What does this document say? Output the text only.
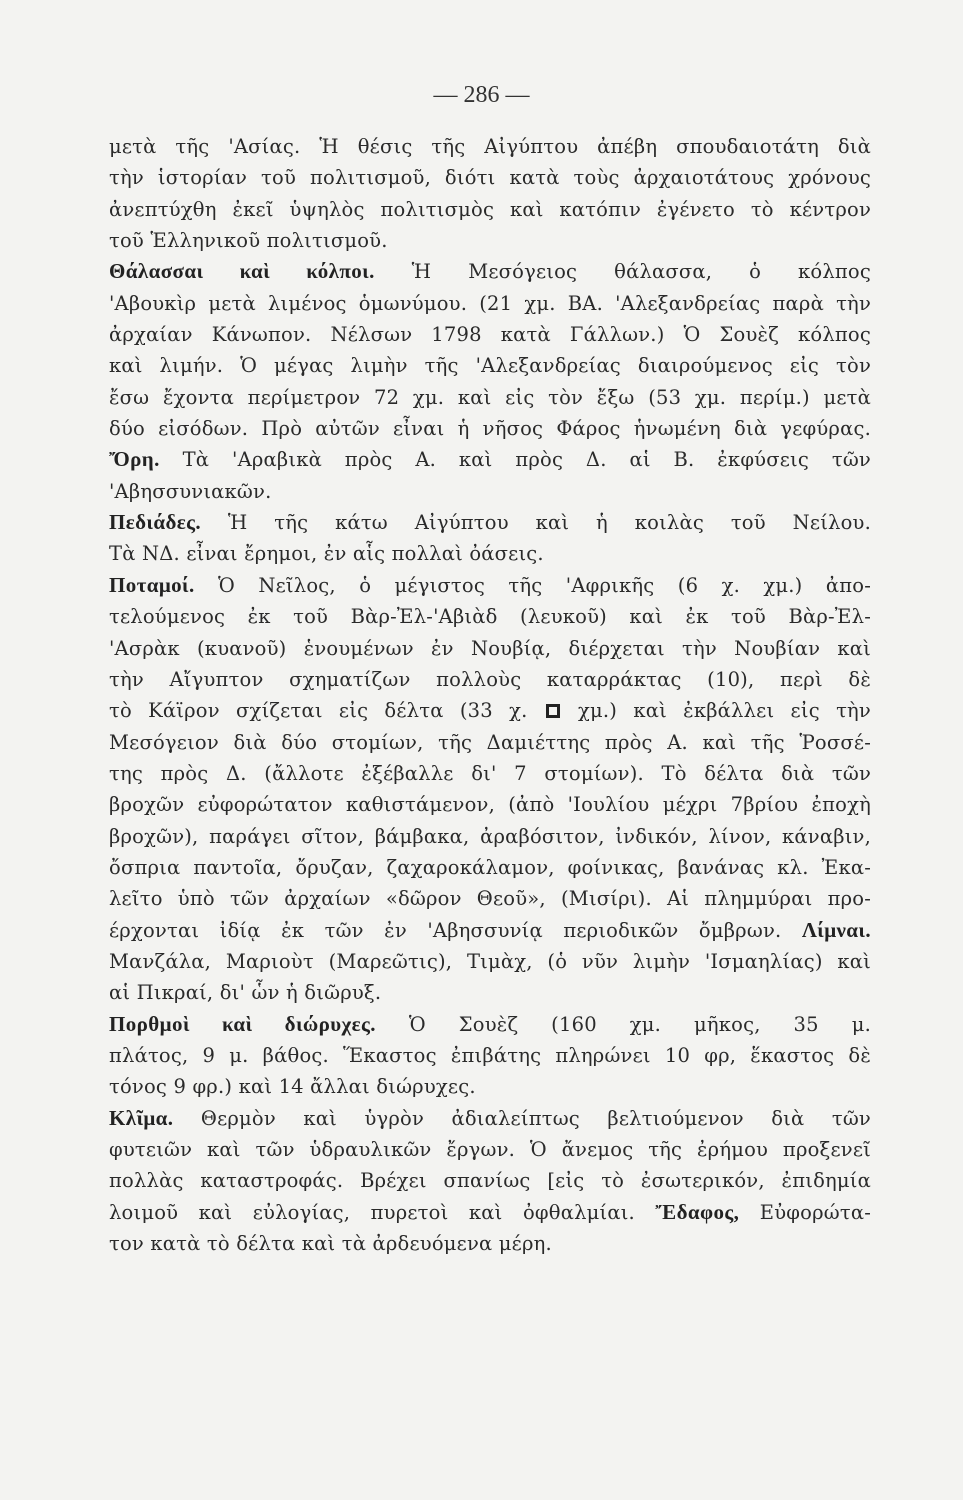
— 286 —
μετὰ τῆς 'Ασίας. Ἡ θέσις τῆς Αἰγύπτου ἀπέβη σπουδαιοτάτη διὰ
τὴν ἱστορίαν τοῦ πολιτισμοῦ, διότι κατὰ τοὺς ἀρχαιοτάτους χρόνους
ἀνεπτύχθη ἐκεῖ ὑψηλὸς πολιτισμὸς καὶ κατόπιν ἐγένετο τὸ κέντρον
τοῦ Ἑλληνικοῦ πολιτισμοῦ.
Θάλασσαι καὶ κόλποι. Ἡ Μεσόγειος θάλασσα, ὁ κόλπος
'Αβουκὶρ μετὰ λιμένος ὁμωνύμου. (21 χμ. ΒΑ. 'Αλεξανδρείας παρὰ τὴν
ἀρχαίαν Κάνωπον. Νέλσων 1798 κατὰ Γάλλων.) Ὁ Σουὲζ κόλπος
καὶ λιμήν. Ὁ μέγας λιμὴν τῆς 'Αλεξανδρείας διαιρούμενος εἰς τὸν
ἔσω ἔχοντα περίμετρον 72 χμ. καὶ εἰς τὸν ἔξω (53 χμ. περίμ.) μετὰ
δύο εἰσόδων. Πρὸ αὐτῶν εἶναι ἡ νῆσος Φάρος ἡνωμένη διὰ γεφύρας.
Ὄρη. Τὰ 'Αραβικὰ πρὸς Α. καὶ πρὸς Δ. αἱ Β. ἐκφύσεις τῶν
'Αβησσυνιακῶν.
Πεδιάδες. Ἡ τῆς κάτω Αἰγύπτου καὶ ἡ κοιλὰς τοῦ Νείλου.
Τὰ ΝΔ. εἶναι ἔρημοι, ἐν αἷς πολλαὶ ὀάσεις.
Ποταμοί. Ὁ Νεῖλος, ὁ μέγιστος τῆς 'Αφρικῆς (6 χ. χμ.) ἀπο-
τελούμενος ἐκ τοῦ Βὰρ-Ἐλ-'Αβιὰδ (λευκοῦ) καὶ ἐκ τοῦ Βὰρ-Ἐλ-
'Ασρὰκ (κυανοῦ) ἑνουμένων ἐν Νουβίᾳ, διέρχεται τὴν Νουβίαν καὶ
τὴν Αἴγυπτον σχηματίζων πολλοὺς καταρράκτας (10), περὶ δὲ
τὸ Κάϊρον σχίζεται εἰς δέλτα (33 χ.  χμ.) καὶ ἐκβάλλει εἰς τὴν
Μεσόγειον διὰ δύο στομίων, τῆς Δαμιέττης πρὸς Α. καὶ τῆς Ῥοσσέ-
της πρὸς Δ. (ἄλλοτε ἐξέβαλλε δι' 7 στομίων). Τὸ δέλτα διὰ τῶν
βροχῶν εὐφορώτατον καθιστάμενον, (ἀπὸ 'Ιουλίου μέχρι 7βρίου ἐποχὴ
βροχῶν), παράγει σῖτον, βάμβακα, ἀραβόσιτον, ἰνδικόν, λίνον, κάναβιν,
ὄσπρια παντοῖα, ὄρυζαν, ζαχαροκάλαμον, φοίνικας, βανάνας κλ. Ἐκα-
λεῖτο ὑπὸ τῶν ἀρχαίων «δῶρον Θεοῦ», (Μισίρι). Αἱ πλημμύραι προ-
έρχονται ἰδίᾳ ἐκ τῶν ἐν 'Αβησσυνίᾳ περιοδικῶν ὄμβρων. Λίμναι.
Μανζάλα, Μαριοὺτ (Μαρεῶτις), Τιμὰχ, (ὁ νῦν λιμὴν 'Ισμαηλίας) καὶ
αἱ Πικραί, δι' ὧν ἡ διῶρυξ.
Πορθμοὶ καὶ διώρυχες. Ὁ Σουὲζ (160 χμ. μῆκος, 35 μ.
πλάτος, 9 μ. βάθος. Ἕκαστος ἐπιβάτης πληρώνει 10 φρ, ἕκαστος δὲ
τόνος 9 φρ.) καὶ 14 ἄλλαι διώρυχες.
Κλῖμα. Θερμὸν καὶ ὑγρὸν ἀδιαλείπτως βελτιούμενον διὰ τῶν
φυτειῶν καὶ τῶν ὑδραυλικῶν ἔργων. Ὁ ἄνεμος τῆς ἐρήμου προξενεῖ
πολλὰς καταστροφάς. Βρέχει σπανίως [εἰς τὸ ἐσωτερικόν, ἐπιδημία
λοιμοῦ καὶ εὐλογίας, πυρετοὶ καὶ ὀφθαλμίαι. Ἔδαφος, Εὐφορώτα-
τον κατὰ τὸ δέλτα καὶ τὰ ἀρδευόμενα μέρη.
